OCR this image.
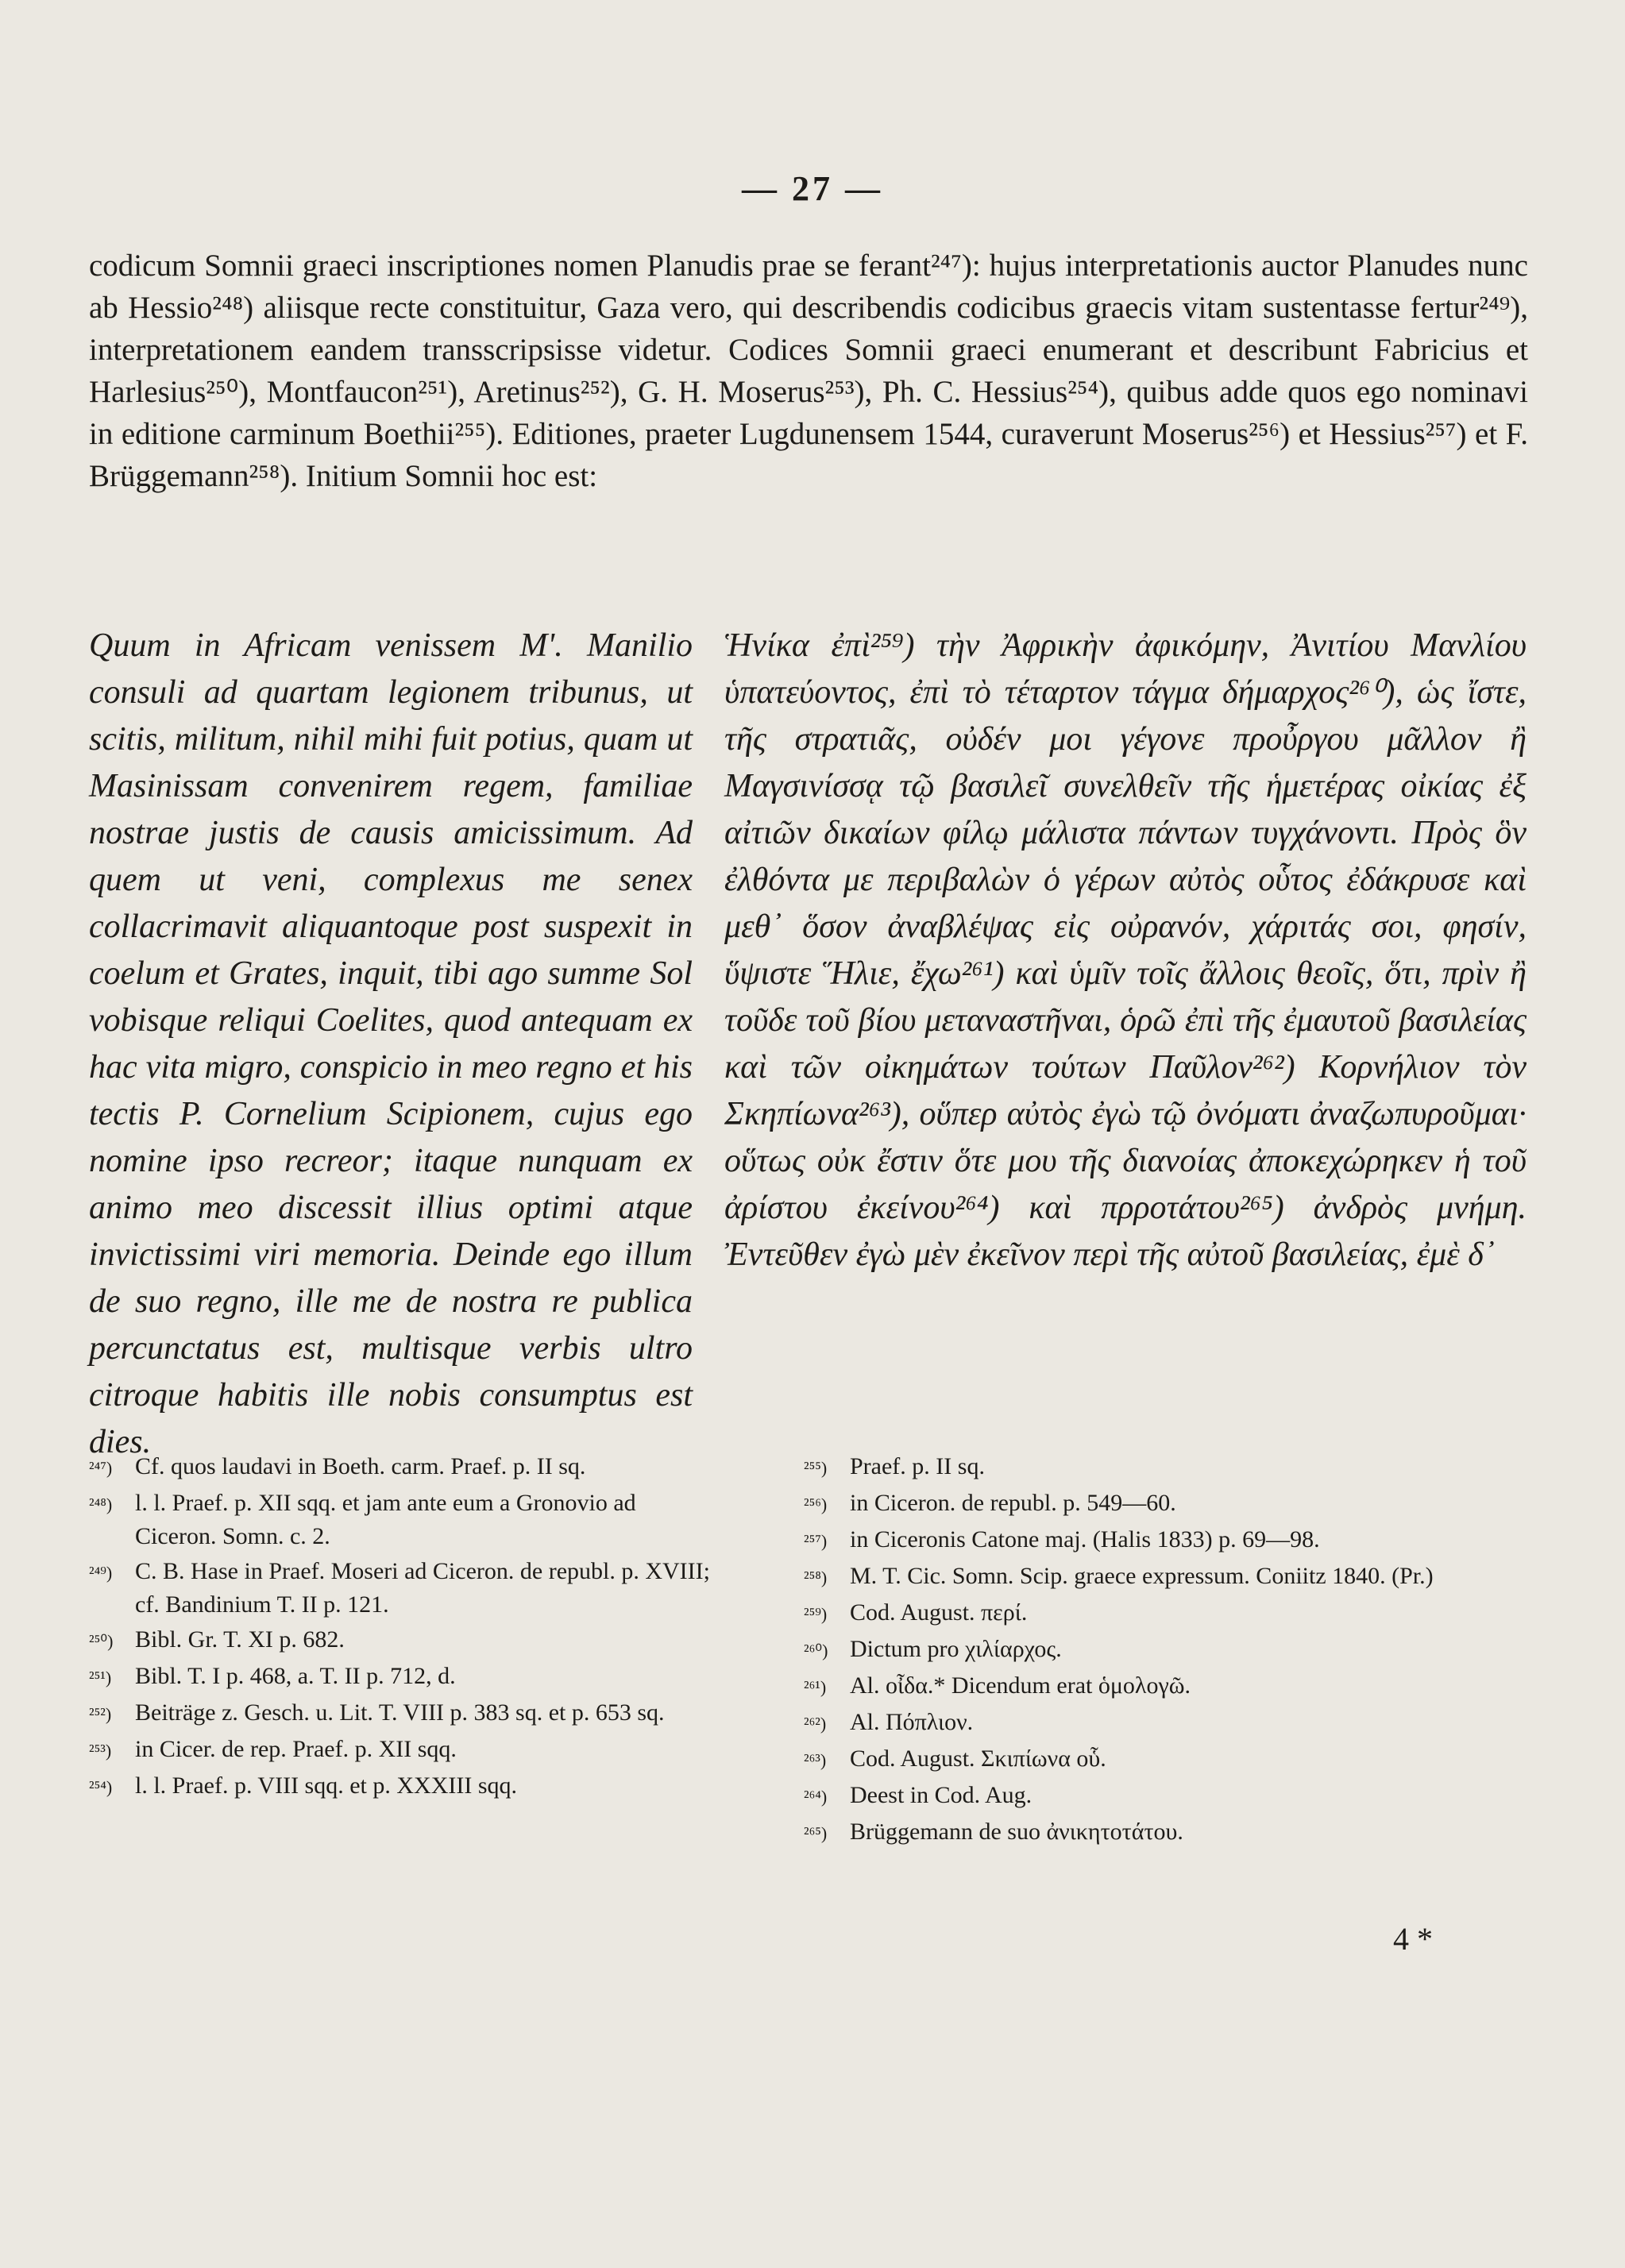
— 27 —

codicum Somnii graeci inscriptiones nomen Planudis prae se ferant²⁴⁷): hujus interpretationis auctor Planudes nunc ab Hessio²⁴⁸) aliisque recte constituitur, Gaza vero, qui describendis codicibus graecis vitam sustentasse fertur²⁴⁹), interpretationem eandem transscripsisse videtur. Codices Somnii graeci enumerant et describunt Fabricius et Harlesius²⁵⁰), Montfaucon²⁵¹), Aretinus²⁵²), G. H. Moserus²⁵³), Ph. C. Hessius²⁵⁴), quibus adde quos ego nominavi in editione carminum Boethii²⁵⁵). Editiones, praeter Lugdunensem 1544, curaverunt Moserus²⁵⁶) et Hessius²⁵⁷) et F. Brüggemann²⁵⁸). Initium Somnii hoc est:

Quum in Africam venissem M'. Manilio consuli ad quartam legionem tribunus, ut scitis, militum, nihil mihi fuit potius, quam ut Masinissam convenirem regem, familiae nostrae justis de causis amicissimum. Ad quem ut veni, complexus me senex collacrimavit aliquantoque post suspexit in coelum et Grates, inquit, tibi ago summe Sol vobisque reliqui Coelites, quod antequam ex hac vita migro, conspicio in meo regno et his tectis P. Cornelium Scipionem, cujus ego nomine ipso recreor; itaque nunquam ex animo meo discessit illius optimi atque invictissimi viri memoria. Deinde ego illum de suo regno, ille me de nostra re publica percunctatus est, multisque verbis ultro citroque habitis ille nobis consumptus est dies.

Ἡνίκα ἐπὶ²⁵⁹) τὴν Ἀφρικὴν ἀφικόμην, Ἀνιτίου Μανλίου ὑπατεύοντος, ἐπὶ τὸ τέταρτον τάγμα δήμαρχος²⁶⁰), ὡς ἴστε, τῆς στρατιᾶς, οὐδέν μοι γέγονε προὖργου μᾶλλον ἢ Μαγσινίσσᾳ τῷ βασιλεῖ συνελθεῖν τῆς ἡμετέρας οἰκίας ἐξ αἰτιῶν δικαίων φίλῳ μάλιστα πάντων τυγχάνοντι. Πρὸς ὃν ἐλθόντα με περιβαλὼν ὁ γέρων αὐτὸς οὗτος ἐδάκρυσε καὶ μεθ᾽ ὅσον ἀναβλέψας εἰς οὐρανόν, χάριτάς σοι, φησίν, ὕψιστε Ἥλιε, ἔχω²⁶¹) καὶ ὑμῖν τοῖς ἄλλοις θεοῖς, ὅτι, πρὶν ἢ τοῦδε τοῦ βίου μεταναστῆναι, ὁρῶ ἐπὶ τῆς ἐμαυτοῦ βασιλείας καὶ τῶν οἰκημάτων τούτων Παῦλον²⁶²) Κορνήλιον τὸν Σκηπίωνα²⁶³), οὕπερ αὐτὸς ἐγὼ τῷ ὀνόματι ἀναζωπυροῦμαι· οὕτως οὐκ ἔστιν ὅτε μου τῆς διανοίας ἀποκεχώρηκεν ἡ τοῦ ἀρίστου ἐκείνου²⁶⁴) καὶ πρροτάτου²⁶⁵) ἀνδρὸς μνήμη. Ἐντεῦθεν ἐγὼ μὲν ἐκεῖνον περὶ τῆς αὐτοῦ βασιλείας, ἐμὲ δ᾽

²⁴⁷) Cf. quos laudavi in Boeth. carm. Praef. p. II sq.
²⁴⁸) l. l. Praef. p. XII sqq. et jam ante eum a Gronovio ad Ciceron. Somn. c. 2.
²⁴⁹) C. B. Hase in Praef. Moseri ad Ciceron. de republ. p. XVIII; cf. Bandinium T. II p. 121.
²⁵⁰) Bibl. Gr. T. XI p. 682.
²⁵¹) Bibl. T. I p. 468, a. T. II p. 712, d.
²⁵²) Beiträge z. Gesch. u. Lit. T. VIII p. 383 sq. et p. 653 sq.
²⁵³) in Cicer. de rep. Praef. p. XII sqq.
²⁵⁴) l. l. Praef. p. VIII sqq. et p. XXXIII sqq.
²⁵⁵) Praef. p. II sq.
²⁵⁶) in Ciceron. de republ. p. 549—60.
²⁵⁷) in Ciceronis Catone maj. (Halis 1833) p. 69—98.
²⁵⁸) M. T. Cic. Somn. Scip. graece expressum. Coniitz 1840. (Pr.)
²⁵⁹) Cod. August. περί.
²⁶⁰) Dictum pro χιλίαρχος.
²⁶¹) Al. οἶδα.* Dicendum erat ὁμολογῶ.
²⁶²) Al. Πόπλιον.
²⁶³) Cod. August. Σκιπίωνα οὗ.
²⁶⁴) Deest in Cod. Aug.
²⁶⁵) Brüggemann de suo ἀνικητοτάτου.
4 *
